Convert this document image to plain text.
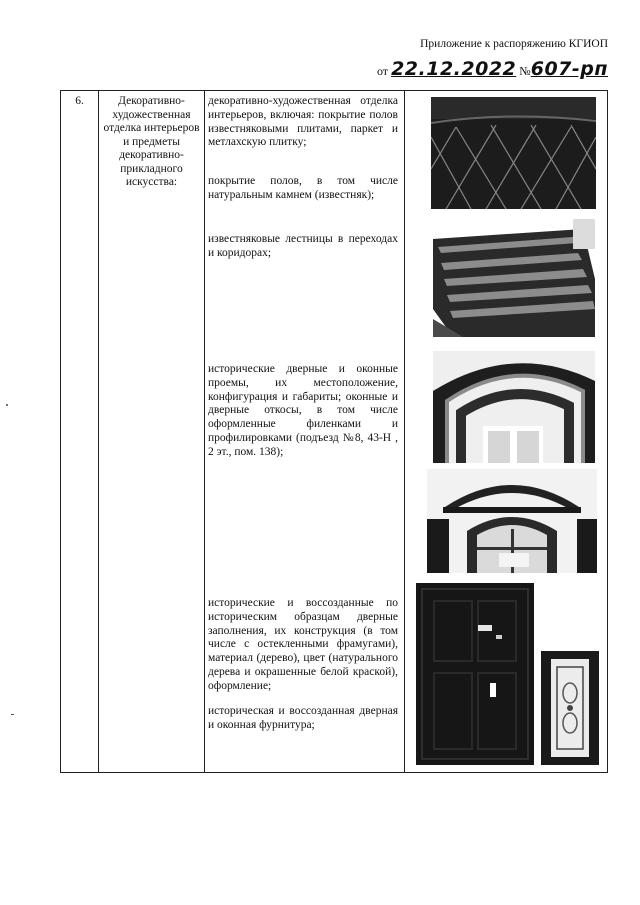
Приложение к распоряжению КГИОП
от 22.12.2022 №607-рп
6.	Декоративно-художественная отделка интерьеров и предметы декоративно-прикладного искусства:
декоративно-художественная отделка интерьеров, включая: покрытие полов известняковыми плитами, паркет и метлахскую плитку;
покрытие полов, в том числе натуральным камнем (известняк);
известняковые лестницы в переходах и коридорах;
исторические дверные и оконные проемы, их местоположение, конфигурация и габариты; оконные и дверные откосы, в том числе оформленные филенками и профилировками (подъезд №8, 43-Н , 2 эт., пом. 138);
исторические и воссозданные по историческим образцам дверные заполнения, их конструкция (в том числе с остекленными фрамугами), материал (дерево), цвет (натурального дерева и окрашенные белой краской), оформление;
историческая и воссозданная дверная и оконная фурнитура;
